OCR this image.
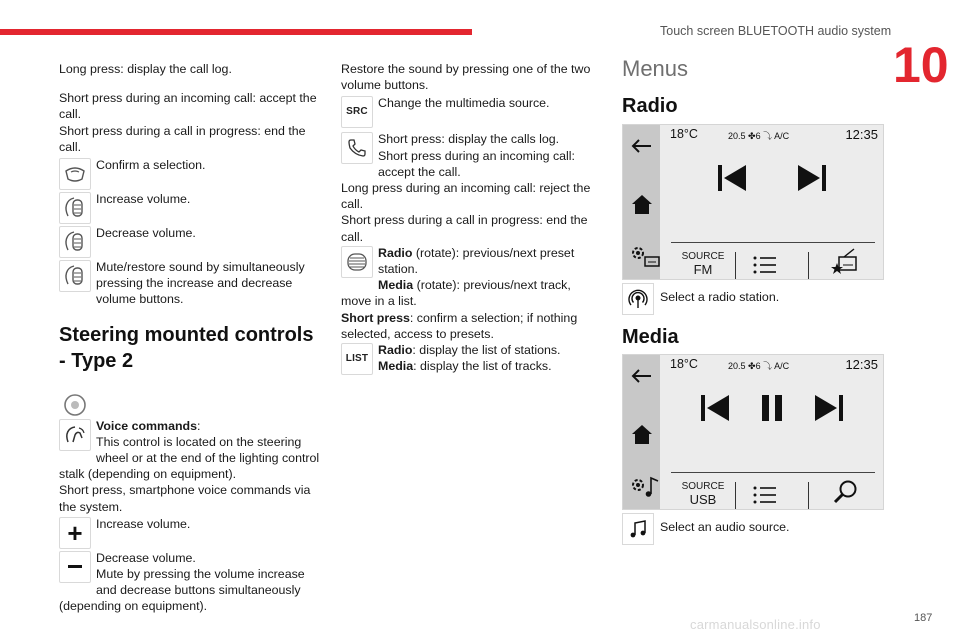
Touch screen BLUETOOTH audio system
10

Long press: display the call log.

Short press during an incoming call: accept the call.

Short press during a call in progress: end the call.

Confirm a selection.

Increase volume.

Decrease volume.

Mute/restore sound by simultaneously pressing the increase and decrease volume buttons.

Steering mounted controls - Type 2

Voice commands:

This control is located on the steering wheel or at the end of the lighting control stalk (depending on equipment).

Short press, smartphone voice commands via the system.

+ Increase volume.

Decrease volume.

Mute by pressing the volume increase and decrease buttons simultaneously (depending on equipment).

Restore the sound by pressing one of the two volume buttons.

SRC

Change the multimedia source.

Short press: display the calls log.

Short press during an incoming call: accept the call.

Long press during an incoming call: reject the call.

Short press during a call in progress: end the call.

Radio (rotate): previous/next preset station.

Media (rotate): previous/next track, move in a list.

Short press: confirm a selection; if nothing selected, access to presets.

LIST

Radio: display the list of stations.

Media: display the list of tracks.

Menus
Radio
18°C	20.5 ✤6 ⤵ A/C	12:35
SOURCE
FM
Select a radio station.
Media
18°C	20.5 ✤6 ⤵ A/C	12:35
SOURCE
USB
Select an audio source.
187
carmanualsonline.info
